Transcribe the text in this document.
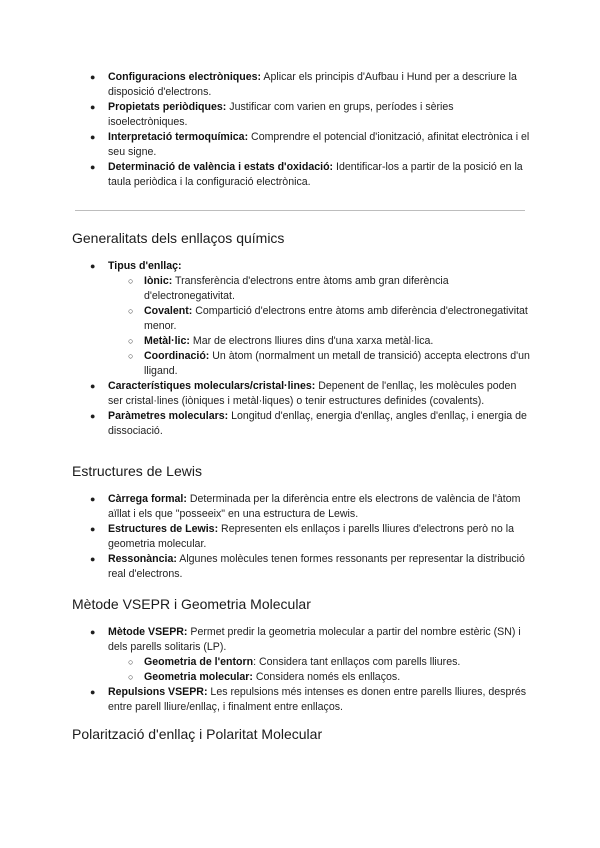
● Configuracions electròniques: Aplicar els principis d'Aufbau i Hund per a descriure la disposició d'electrons.
● Propietats periòdiques: Justificar com varien en grups, períodes i sèries isoelectròniques.
● Interpretació termoquímica: Comprendre el potencial d'ionització, afinitat electrònica i el seu signe.
● Determinació de valència i estats d'oxidació: Identificar-los a partir de la posició en la taula periòdica i la configuració electrònica.
Generalitats dels enllaços químics
● Tipus d'enllaç:
○ Iònic: Transferència d'electrons entre àtoms amb gran diferència d'electronegativitat.
○ Covalent: Compartició d'electrons entre àtoms amb diferència d'electronegativitat menor.
○ Metàl·lic: Mar de electrons lliures dins d'una xarxa metàl·lica.
○ Coordinació: Un àtom (normalment un metall de transició) accepta electrons d'un lligand.
● Característiques moleculars/cristal·lines: Depenent de l'enllaç, les molècules poden ser cristal·lines (iòniques i metàl·liques) o tenir estructures definides (covalents).
● Paràmetres moleculars: Longitud d'enllaç, energia d'enllaç, angles d'enllaç, i energia de dissociació.
Estructures de Lewis
● Càrrega formal: Determinada per la diferència entre els electrons de valència de l'àtom aïllat i els que "posseeix" en una estructura de Lewis.
● Estructures de Lewis: Representen els enllaços i parells lliures d'electrons però no la geometria molecular.
● Ressonància: Algunes molècules tenen formes ressonants per representar la distribució real d'electrons.
Mètode VSEPR i Geometria Molecular
● Mètode VSEPR: Permet predir la geometria molecular a partir del nombre estèric (SN) i dels parells solitaris (LP).
○ Geometria de l'entorn: Considera tant enllaços com parells lliures.
○ Geometria molecular: Considera només els enllaços.
● Repulsions VSEPR: Les repulsions més intenses es donen entre parells lliures, després entre parell lliure/enllaç, i finalment entre enllaços.
Polarització d'enllaç i Polaritat Molecular
